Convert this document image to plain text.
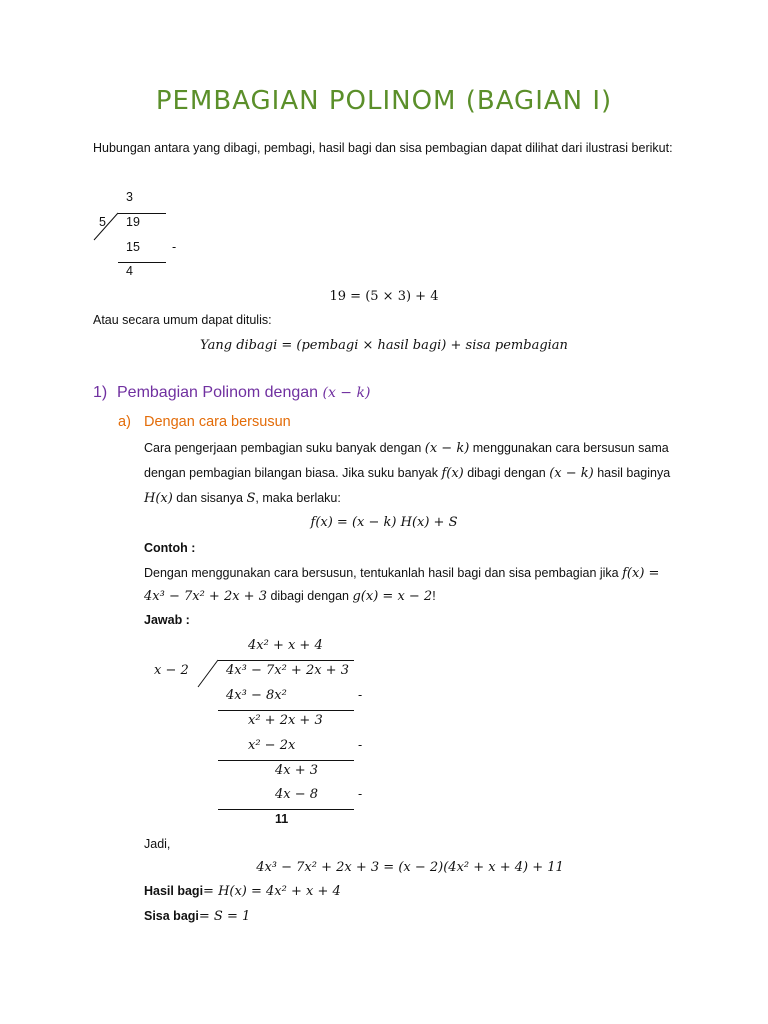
PEMBAGIAN POLINOM (BAGIAN I)
Hubungan antara yang dibagi, pembagi, hasil bagi dan sisa pembagian dapat dilihat dari ilustrasi berikut:
3
5 19
15	-
4
19 = (5 × 3) + 4
Atau secara umum dapat ditulis:
Yang dibagi = (pembagi × hasil bagi) + sisa pembagian
1) Pembagian Polinom dengan (x − k)
a) Dengan cara bersusun
Cara pengerjaan pembagian suku banyak dengan (x − k) menggunakan cara bersusun sama
dengan pembagian bilangan biasa. Jika suku banyak f(x) dibagi dengan (x − k) hasil baginya
H(x) dan sisanya S, maka berlaku:
f(x) = (x − k) H(x) + S
Contoh :
Dengan menggunakan cara bersusun, tentukanlah hasil bagi dan sisa pembagian jika f(x) =
4x³ − 7x² + 2x + 3 dibagi dengan g(x) = x − 2!
Jawab :
4x² + x + 4
x − 2	4x³ − 7x² + 2x + 3
4x³ − 8x²	-
x² + 2x + 3
x² − 2x	-
4x + 3
4x − 8	-
11
Jadi,
4x³ − 7x² + 2x + 3 = (x − 2)(4x² + x + 4) + 11
Hasil bagi= H(x) = 4x² + x + 4
Sisa bagi= S = 1
